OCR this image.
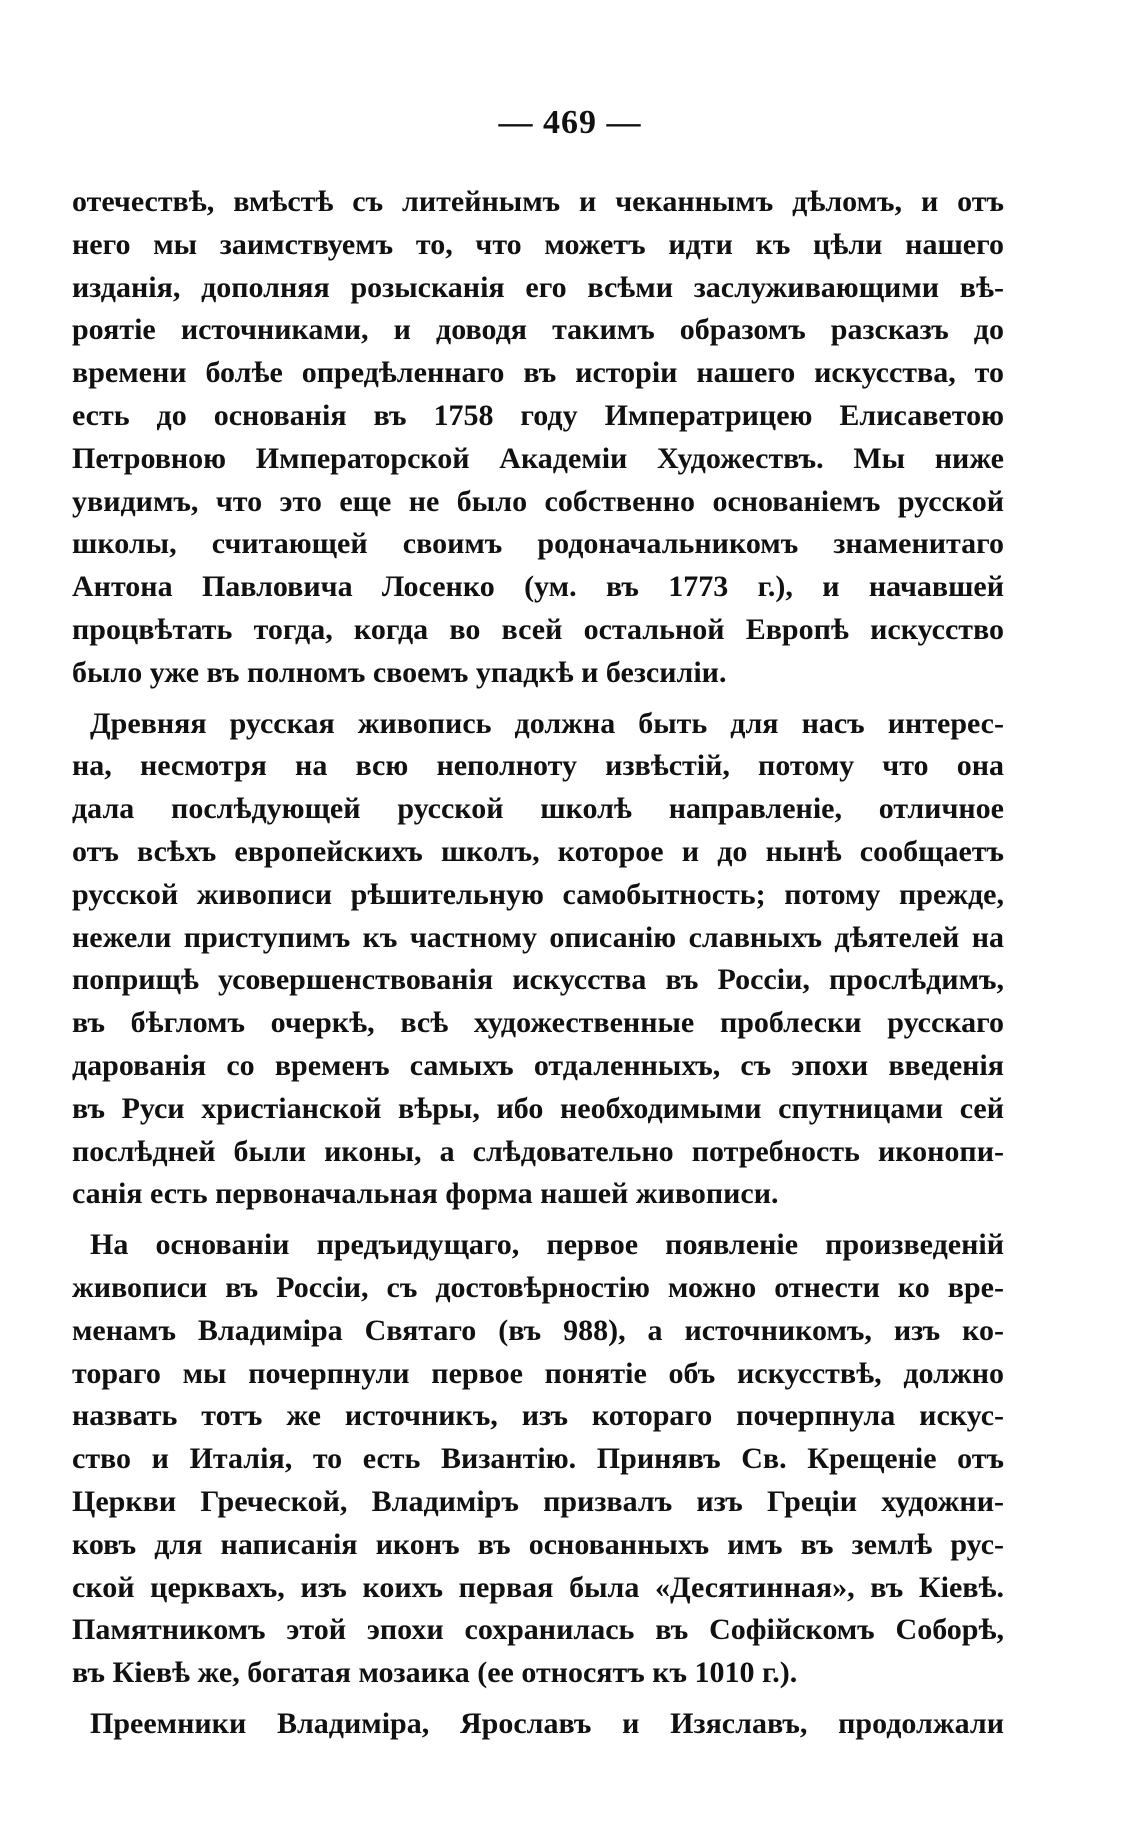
— 469 —
отечествѣ, вмѣстѣ съ литейнымъ и чеканнымъ дѣломъ, и отъ
него мы заимствуемъ то, что можетъ идти къ цѣли нашего
изданія, дополняя розысканія его всѣми заслуживающими вѣ-
роятіе источниками, и доводя такимъ образомъ разсказъ до
времени болѣе опредѣленнаго въ исторіи нашего искусства, то
есть до основанія въ 1758 году Императрицею Елисаветою
Петровною Императорской Академіи Художествъ. Мы ниже
увидимъ, что это еще не было собственно основаніемъ русской
школы, считающей своимъ родоначальникомъ знаменитаго
Антона Павловича Лосенко (ум. въ 1773 г.), и начавшей
процвѣтать тогда, когда во всей остальной Европѣ искусство
было уже въ полномъ своемъ упадкѣ и безсиліи.
Древняя русская живопись должна быть для насъ интерес-
на, несмотря на всю неполноту извѣстій, потому что она
дала послѣдующей русской школѣ направленіе, отличное
отъ всѣхъ европейскихъ школъ, которое и до нынѣ сообщаетъ
русской живописи рѣшительную самобытность; потому прежде,
нежели приступимъ къ частному описанію славныхъ дѣятелей на
поприщѣ усовершенствованія искусства въ Россіи, прослѣдимъ,
въ бѣгломъ очеркѣ, всѣ художественные проблески русскаго
дарованія со временъ самыхъ отдаленныхъ, съ эпохи введенія
въ Руси христіанской вѣры, ибо необходимыми спутницами сей
послѣдней были иконы, а слѣдовательно потребность иконопи-
санія есть первоначальная форма нашей живописи.
На основаніи предъидущаго, первое появленіе произведеній
живописи въ Россіи, съ достовѣрностію можно отнести ко вре-
менамъ Владиміра Святаго (въ 988), а источникомъ, изъ ко-
тораго мы почерпнули первое понятіе объ искусствѣ, должно
назвать тотъ же источникъ, изъ котораго почерпнула искус-
ство и Италія, то есть Византію. Принявъ Св. Крещеніе отъ
Церкви Греческой, Владиміръ призвалъ изъ Греціи художни-
ковъ для написанія иконъ въ основанныхъ имъ въ землѣ рус-
ской церквахъ, изъ коихъ первая была «Десятинная», въ Кіевѣ.
Памятникомъ этой эпохи сохранилась въ Софійскомъ Соборѣ,
въ Кіевѣ же, богатая мозаика (ее относятъ къ 1010 г.).
Преемники Владиміра, Ярославъ и Изяславъ, продолжали
